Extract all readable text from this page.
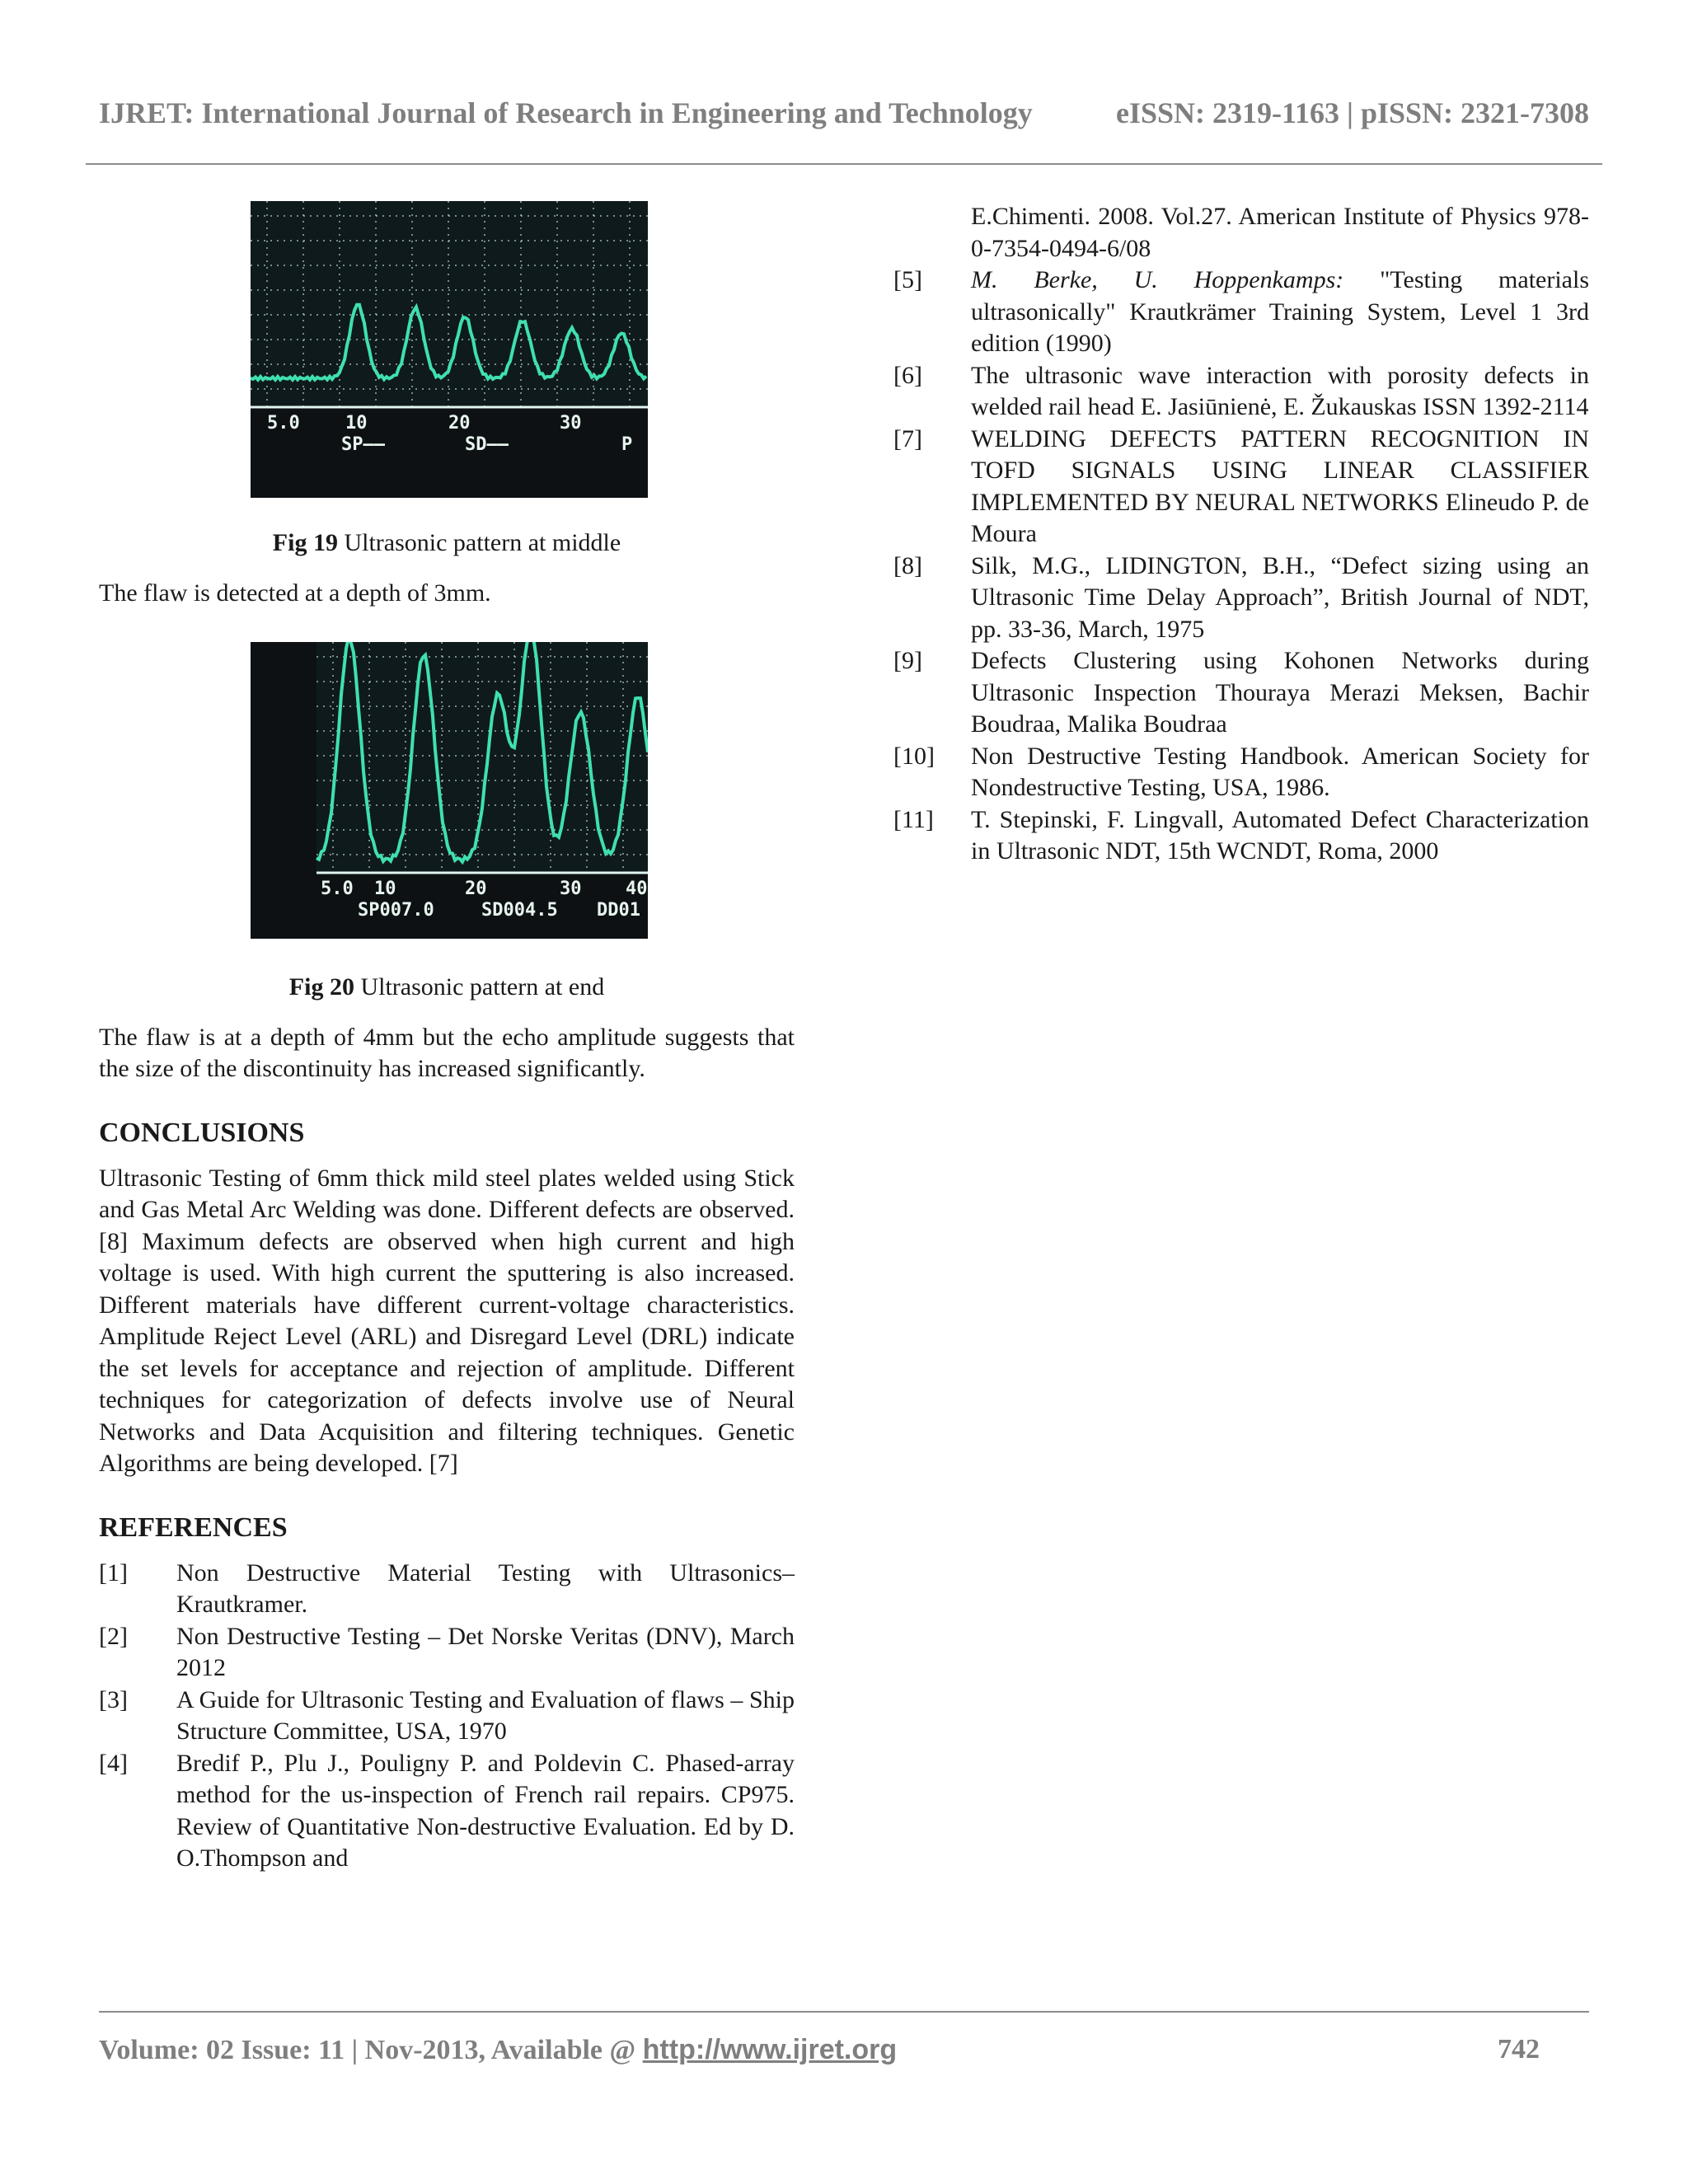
IJRET: International Journal of Research in Engineering and Technology	eISSN: 2319-1163 | pISSN: 2321-7308
5.0	10	20	30
SP——	SD——	P
Fig 19 Ultrasonic pattern at middle

The flaw is detected at a depth of 3mm.

5.0 10	20	30 40
SP007.0	SD004.5 DD01
Fig 20 Ultrasonic pattern at end

The flaw is at a depth of 4mm but the echo amplitude suggests that the size of the discontinuity has increased significantly.

CONCLUSIONS

Ultrasonic Testing of 6mm thick mild steel plates welded using Stick and Gas Metal Arc Welding was done. Different defects are observed.[8] Maximum defects are observed when high current and high voltage is used. With high current the sputtering is also increased. Different materials have different current-voltage characteristics. Amplitude Reject Level (ARL) and Disregard Level (DRL) indicate the set levels for acceptance and rejection of amplitude. Different techniques for categorization of defects involve use of Neural Networks and Data Acquisition and filtering techniques. Genetic Algorithms are being developed. [7]

REFERENCES
[1]	Non Destructive Material Testing with Ultrasonics– Krautkramer.
[2]	Non Destructive Testing – Det Norske Veritas (DNV), March 2012
[3]	A Guide for Ultrasonic Testing and Evaluation of flaws – Ship Structure Committee, USA, 1970
[4]	Bredif P., Plu J., Pouligny P. and Poldevin C. Phased-array method for the us-inspection of French rail repairs. CP975. Review of Quantitative Non-destructive Evaluation. Ed by D. O.Thompson and
E.Chimenti. 2008. Vol.27. American Institute of Physics 978-0-7354-0494-6/08
[5]	M. Berke, U. Hoppenkamps: "Testing materials ultrasonically" Krautkrämer Training System, Level 1 3rd edition (1990)
[6]	The ultrasonic wave interaction with porosity defects in welded rail head E. Jasiūnienė, E. Žukauskas ISSN 1392-2114
[7]	WELDING DEFECTS PATTERN RECOGNITION IN TOFD SIGNALS USING LINEAR CLASSIFIER IMPLEMENTED BY NEURAL NETWORKS Elineudo P. de Moura
[8]	Silk, M.G., LIDINGTON, B.H., “Defect sizing using an Ultrasonic Time Delay Approach”, British Journal of NDT, pp. 33-36, March, 1975
[9]	Defects Clustering using Kohonen Networks during Ultrasonic Inspection Thouraya Merazi Meksen, Bachir Boudraa, Malika Boudraa
[10]	Non Destructive Testing Handbook. American Society for Nondestructive Testing, USA, 1986.
[11]	T. Stepinski, F. Lingvall, Automated Defect Characterization in Ultrasonic NDT, 15th WCNDT, Roma, 2000
Volume: 02 Issue: 11 | Nov-2013, Available @ http://www.ijret.org	742
